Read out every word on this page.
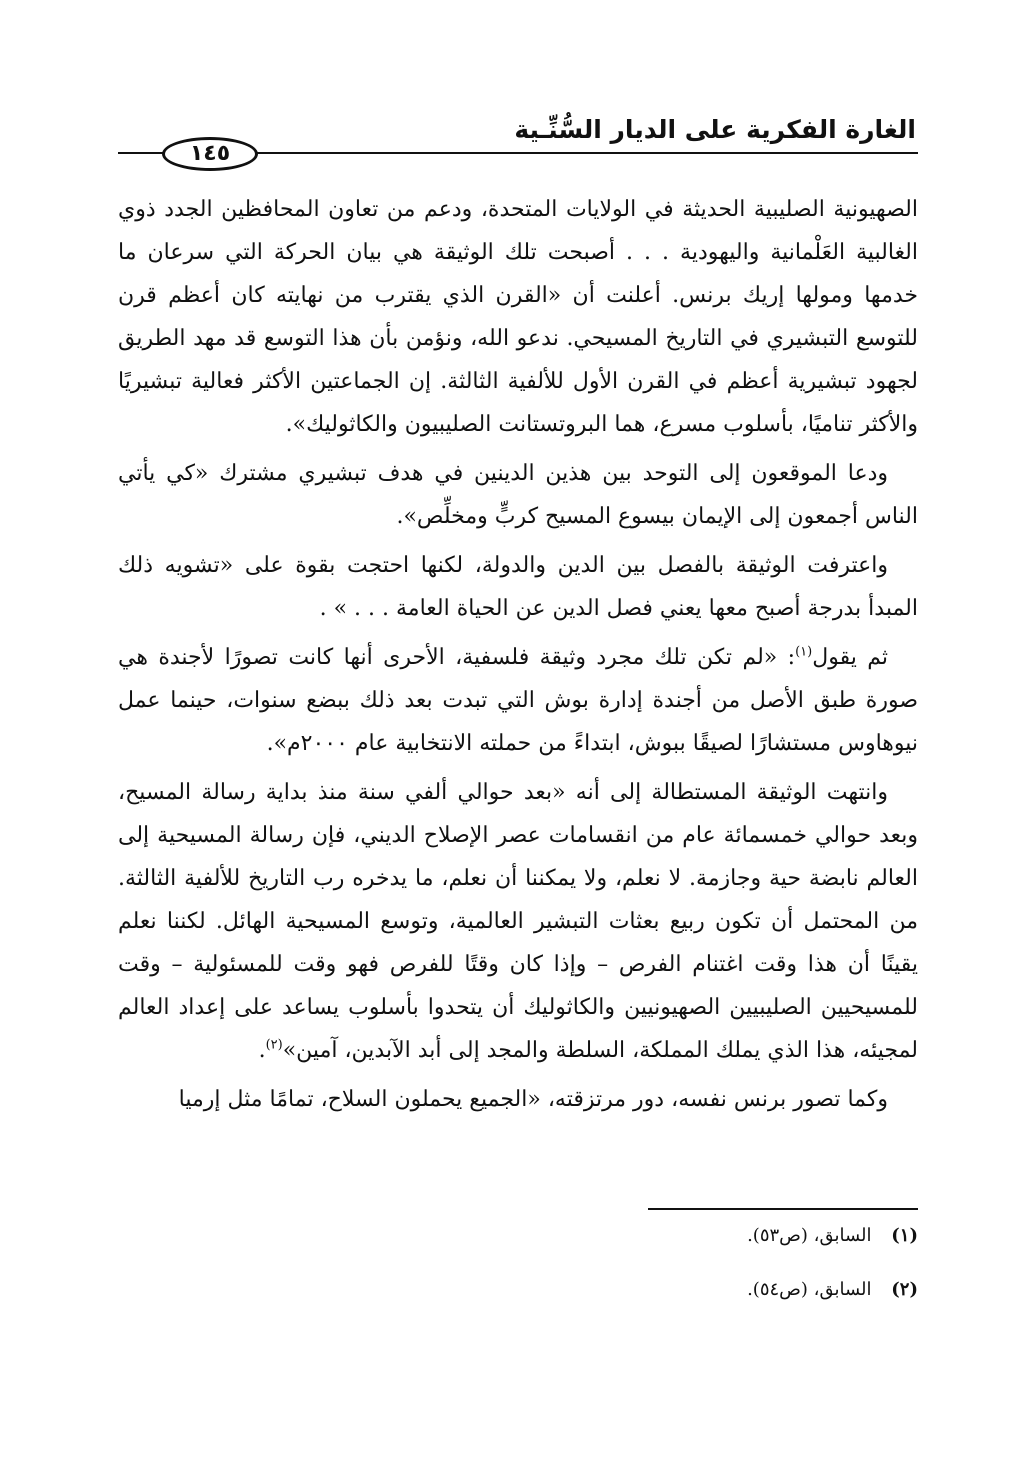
الغارة الفكرية على الديار السُّنِّـية
١٤٥

الصهيونية الصليبية الحديثة في الولايات المتحدة، ودعم من تعاون المحافظين الجدد ذوي الغالبية العَلْمانية واليهودية . . . أصبحت تلك الوثيقة هي بيان الحركة التي سرعان ما خدمها ومولها إريك برنس. أعلنت أن «القرن الذي يقترب من نهايته كان أعظم قرن للتوسع التبشيري في التاريخ المسيحي. ندعو الله، ونؤمن بأن هذا التوسع قد مهد الطريق لجهود تبشيرية أعظم في القرن الأول للألفية الثالثة. إن الجماعتين الأكثر فعالية تبشيريًا والأكثر تناميًا، بأسلوب مسرع، هما البروتستانت الصليبيون والكاثوليك».

ودعا الموقعون إلى التوحد بين هذين الدينين في هدف تبشيري مشترك «كي يأتي الناس أجمعون إلى الإيمان بيسوع المسيح كربٍّ ومخلِّص».

واعترفت الوثيقة بالفصل بين الدين والدولة، لكنها احتجت بقوة على «تشويه ذلك المبدأ بدرجة أصبح معها يعني فصل الدين عن الحياة العامة . . . » .

ثم يقول$^{(١)}$: «لم تكن تلك مجرد وثيقة فلسفية، الأحرى أنها كانت تصورًا لأجندة هي صورة طبق الأصل من أجندة إدارة بوش التي تبدت بعد ذلك ببضع سنوات، حينما عمل نيوهاوس مستشارًا لصيقًا ببوش، ابتداءً من حملته الانتخابية عام ٢٠٠٠م».

وانتهت الوثيقة المستطالة إلى أنه «بعد حوالي ألفي سنة منذ بداية رسالة المسيح، وبعد حوالي خمسمائة عام من انقسامات عصر الإصلاح الديني، فإن رسالة المسيحية إلى العالم نابضة حية وجازمة. لا نعلم، ولا يمكننا أن نعلم، ما يدخره رب التاريخ للألفية الثالثة. من المحتمل أن تكون ربيع بعثات التبشير العالمية، وتوسع المسيحية الهائل. لكننا نعلم يقينًا أن هذا وقت اغتنام الفرص – وإذا كان وقتًا للفرص فهو وقت للمسئولية – وقت للمسيحيين الصليبيين الصهيونيين والكاثوليك أن يتحدوا بأسلوب يساعد على إعداد العالم لمجيئه، هذا الذي يملك المملكة، السلطة والمجد إلى أبد الآبدين، آمين»$^{(٢)}$.

وكما تصور برنس نفسه، دور مرتزقته، «الجميع يحملون السلاح، تمامًا مثل إرميا

(١) السابق، (ص٥٣).
(٢) السابق، (ص٥٤).
